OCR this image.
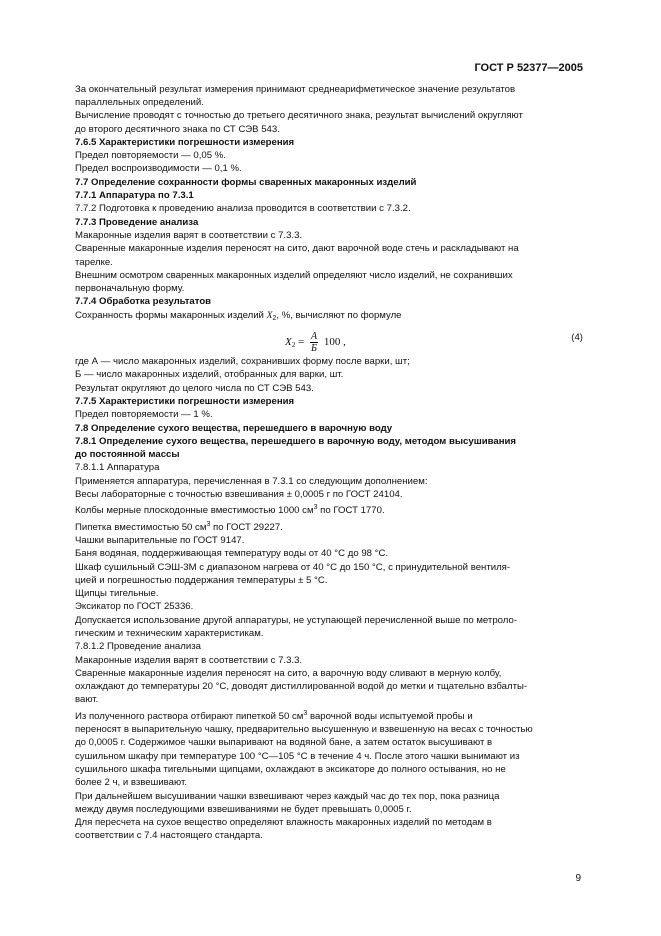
ГОСТ Р 52377—2005

За окончательный результат измерения принимают среднеарифметическое значение результатов

параллельных определений.

Вычисление проводят с точностью до третьего десятичного знака, результат вычислений округляют

до второго десятичного знака по СТ СЭВ 543.

7.6.5 Характеристики погрешности измерения

Предел повторяемости — 0,05 %.

Предел воспроизводимости — 0,1 %.

7.7 Определение сохранности формы сваренных макаронных изделий

7.7.1 Аппаратура по 7.3.1

7.7.2 Подготовка к проведению анализа проводится в соответствии с 7.3.2.

7.7.3 Проведение анализа

Макаронные изделия варят в соответствии с 7.3.3.

Сваренные макаронные изделия переносят на сито, дают варочной воде стечь и раскладывают на

тарелке.

Внешним осмотром сваренных макаронных изделий определяют число изделий, не сохранивших

первоначальную форму.

7.7.4 Обработка результатов

Сохранность формы макаронных изделий $X_2$, %, вычисляют по формуле

$X_2 = \frac{А}{Б} 100$ ,	(4)

где А — число макаронных изделий, сохранивших форму после варки, шт;

Б — число макаронных изделий, отобранных для варки, шт.

Результат округляют до целого числа по СТ СЭВ 543.

7.7.5 Характеристики погрешности измерения

Предел повторяемости — 1 %.

7.8 Определение сухого вещества, перешедшего в варочную воду

7.8.1 Определение сухого вещества, перешедшего в варочную воду, методом высушивания

до постоянной массы

7.8.1.1 Аппаратура

Применяется аппаратура, перечисленная в 7.3.1 со следующим дополнением:

Весы лабораторные с точностью взвешивания ± 0,0005 г по ГОСТ 24104.

Колбы мерные плоскодонные вместимостью 1000 $см^3$ по ГОСТ 1770.

Пипетка вместимостью 50 $см^3$ по ГОСТ 29227.

Чашки выпарительные по ГОСТ 9147.

Баня водяная, поддерживающая температуру воды от 40 °С до 98 °С.

Шкаф сушильный СЭШ-3М с диапазоном нагрева от 40 °С до 150 °С, с принудительной вентиля-

цией и погрешностью поддержания температуры ± 5 °С.

Щипцы тигельные.

Эксикатор по ГОСТ 25336.

Допускается использование другой аппаратуры, не уступающей перечисленной выше по метроло-

гическим и техническим характеристикам.

7.8.1.2 Проведение анализа

Макаронные изделия варят в соответствии с 7.3.3.

Сваренные макаронные изделия переносят на сито, а варочную воду сливают в мерную колбу,

охлаждают до температуры 20 °С, доводят дистиллированной водой до метки и тщательно взбалты-

вают.

Из полученного раствора отбирают пипеткой 50 $см^3$ варочной воды испытуемой пробы и

переносят в выпарительную чашку, предварительно высушенную и взвешенную на весах с точностью

до 0,0005 г. Содержимое чашки выпаривают на водяной бане, а затем остаток высушивают в

сушильном шкафу при температуре 100 °С—105 °С в течение 4 ч. После этого чашки вынимают из

сушильного шкафа тигельными щипцами, охлаждают в эксикаторе до полного остывания, но не

более 2 ч, и взвешивают.

При дальнейшем высушивании чашки взвешивают через каждый час до тех пор, пока разница

между двумя последующими взвешиваниями не будет превышать 0,0005 г.

Для пересчета на сухое вещество определяют влажность макаронных изделий по методам в

соответствии с 7.4 настоящего стандарта.

9
